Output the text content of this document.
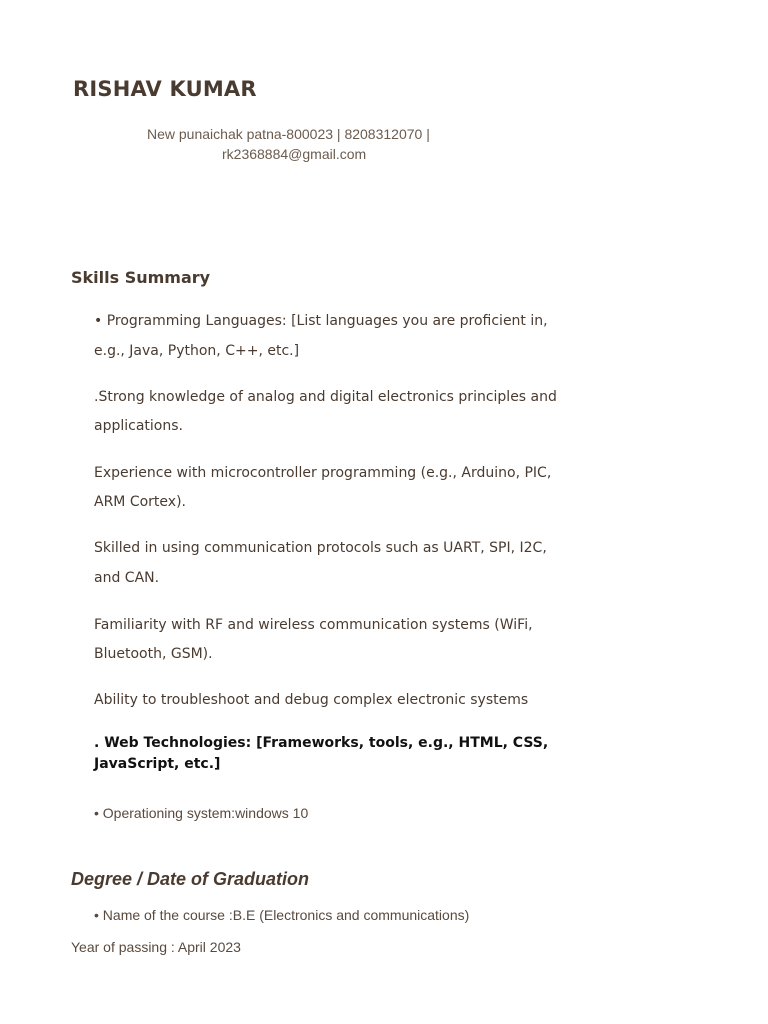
RISHAV KUMAR
New punaichak patna-800023 | 8208312070 |
rk2368884@gmail.com
Skills Summary
• Programming Languages: [List languages you are proficient in,
e.g., Java, Python, C++, etc.]
.Strong knowledge of analog and digital electronics principles and
applications.
Experience with microcontroller programming (e.g., Arduino, PIC,
ARM Cortex).
Skilled in using communication protocols such as UART, SPI, I2C,
and CAN.
Familiarity with RF and wireless communication systems (WiFi,
Bluetooth, GSM).
Ability to troubleshoot and debug complex electronic systems
. Web Technologies: [Frameworks, tools, e.g., HTML, CSS,
JavaScript, etc.]
• Operationing system:windows 10
Degree / Date of Graduation
• Name of the course :B.E (Electronics and communications)
Year of passing : April 2023
